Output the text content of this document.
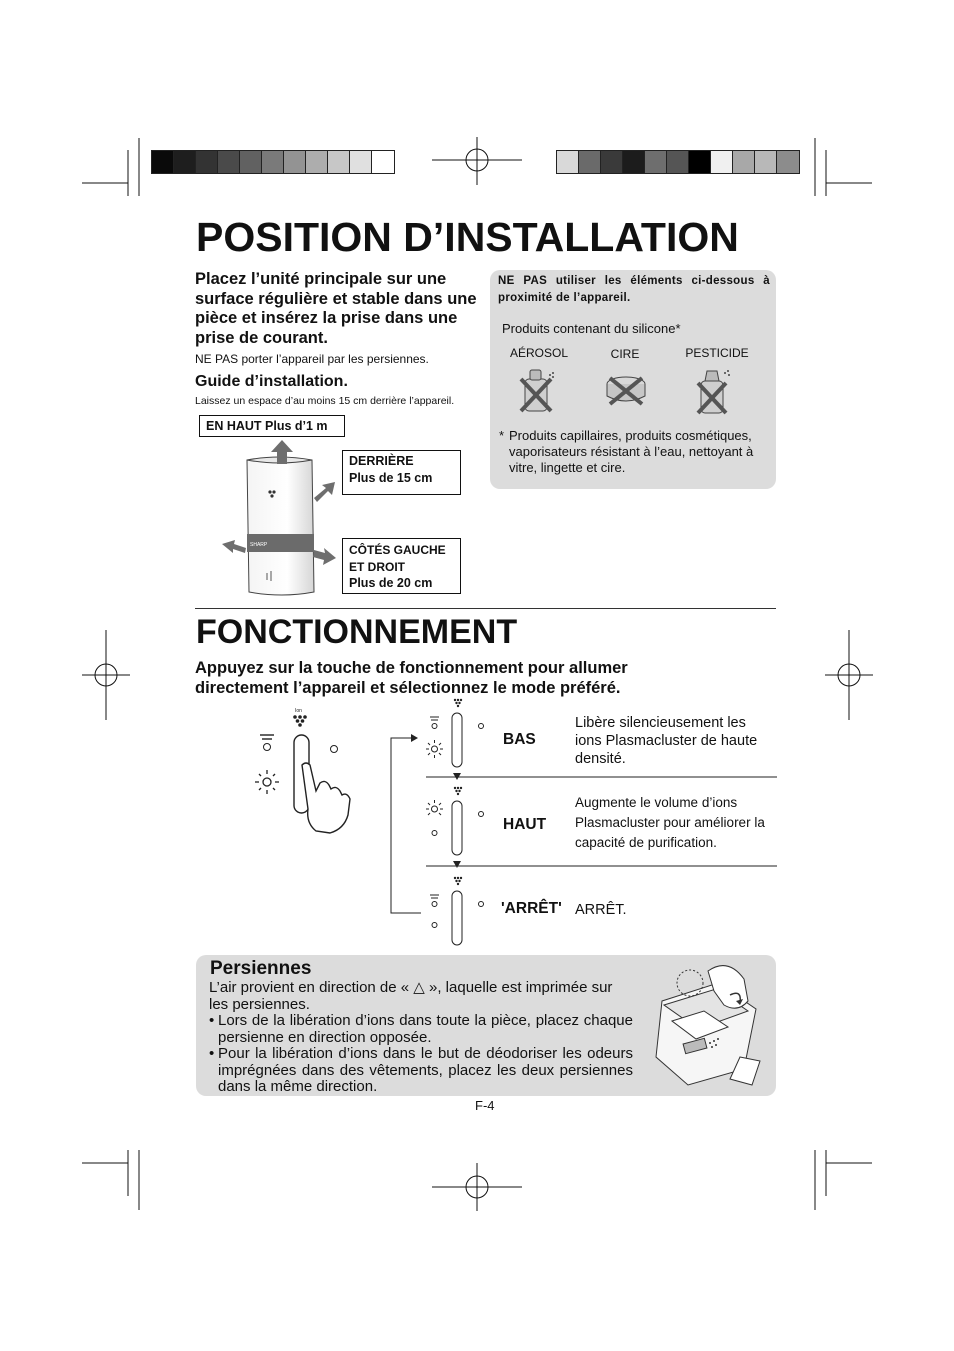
POSITION D’INSTALLATION
Placez l’unité principale sur une surface régulière et stable dans une pièce et insérez la prise dans une prise de courant.
NE PAS porter l’appareil par les persiennes.
Guide d’installation.
Laissez un espace d’au moins 15 cm derrière l’appareil.
EN HAUT Plus d’1 m
SHARP
DERRIÈRE
Plus de 15 cm
CÔTÉS GAUCHE
ET DROIT
Plus de 20 cm
NE PAS utiliser les éléments ci-dessous à proximité de l’appareil.
Produits contenant du silicone*
AÉROSOL	CIRE	PESTICIDE
* Produits capillaires, produits cosmétiques, vaporisateurs résistant à l’eau, nettoyant à vitre, lingette et cire.
FONCTIONNEMENT
Appuyez sur la touche de fonctionnement pour allumer
directement l’appareil et sélectionnez le mode préféré.
Ion
BAS
Libère silencieusement les
ions Plasmacluster de haute
densité.
HAUT
Augmente le volume d’ions
Plasmacluster pour améliorer la
capacité de purification.
'ARRÊT' ARRÊT.
Persiennes
L’air provient en direction de « △ », laquelle est imprimée sur les persiennes.
• Lors de la libération d’ions dans toute la pièce, placez chaque persienne en direction opposée.
• Pour la libération d’ions dans le but de déodoriser les odeurs imprégnées dans des vêtements, placez les deux persiennes dans la même direction.
F-4
